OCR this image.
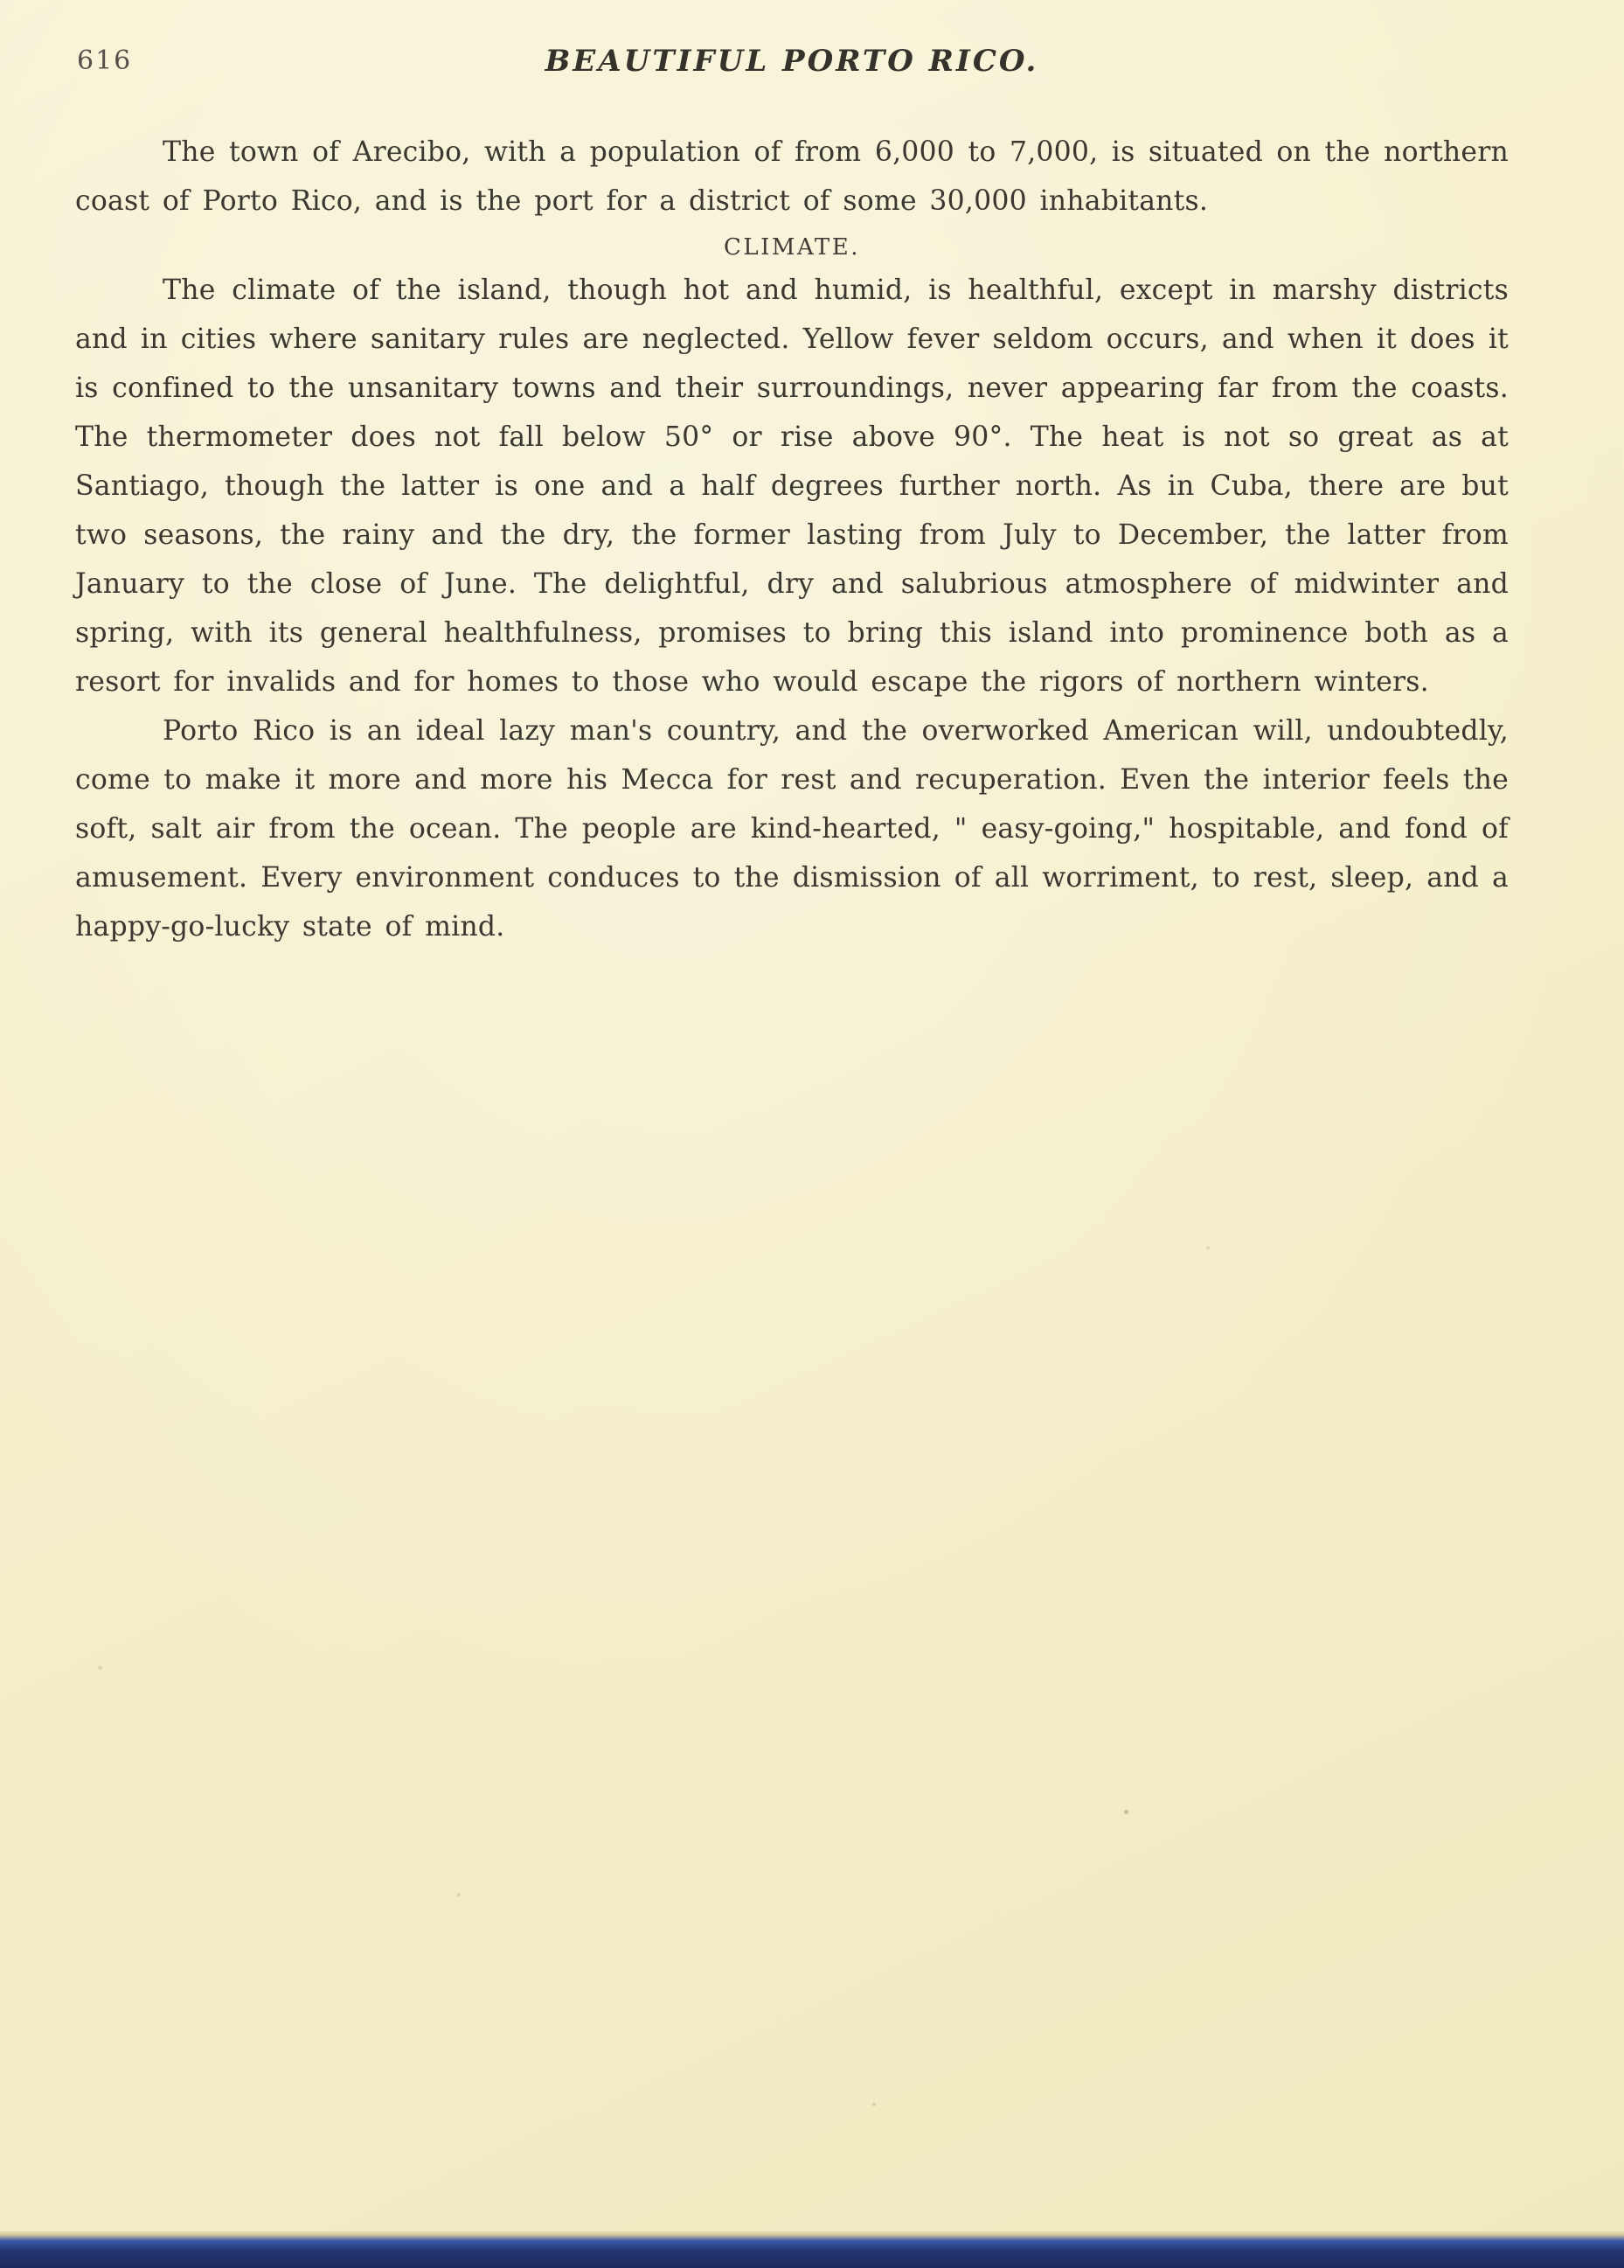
616	BEAUTIFUL PORTO RICO.

The town of Arecibo, with a population of from 6,000 to 7,000, is situated on the northern coast of Porto Rico, and is the port for a district of some 30,000 inhabitants.

CLIMATE.

The climate of the island, though hot and humid, is healthful, except in marshy districts and in cities where sanitary rules are neglected. Yellow fever seldom occurs, and when it does it is confined to the unsanitary towns and their surroundings, never appearing far from the coasts. The thermometer does not fall below 50° or rise above 90°. The heat is not so great as at Santiago, though the latter is one and a half degrees further north. As in Cuba, there are but two seasons, the rainy and the dry, the former lasting from July to December, the latter from January to the close of June. The delightful, dry and salubrious atmosphere of midwinter and spring, with its general healthfulness, promises to bring this island into prominence both as a resort for invalids and for homes to those who would escape the rigors of northern winters.

Porto Rico is an ideal lazy man's country, and the overworked American will, undoubtedly, come to make it more and more his Mecca for rest and recuperation. Even the interior feels the soft, salt air from the ocean. The people are kind-hearted, " easy-going," hospitable, and fond of amusement. Every environment conduces to the dismission of all worriment, to rest, sleep, and a happy-go-lucky state of mind.
